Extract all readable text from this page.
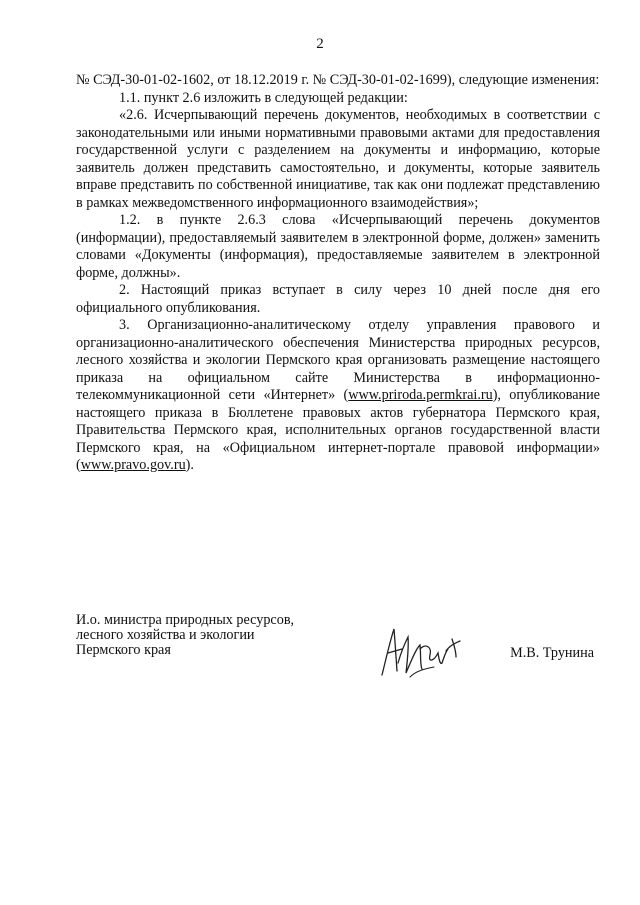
2

№ СЭД-30-01-02-1602, от 18.12.2019 г. № СЭД-30-01-02-1699), следующие изменения:

1.1. пункт 2.6 изложить в следующей редакции:

«2.6. Исчерпывающий перечень документов, необходимых в соответствии с законодательными или иными нормативными правовыми актами для предоставления государственной услуги с разделением на документы и информацию, которые заявитель должен представить самостоятельно, и документы, которые заявитель вправе представить по собственной инициативе, так как они подлежат представлению в рамках межведомственного информационного взаимодействия»;

1.2. в пункте 2.6.3 слова «Исчерпывающий перечень документов (информации), предоставляемый заявителем в электронной форме, должен» заменить словами «Документы (информация), предоставляемые заявителем в электронной форме, должны».

2. Настоящий приказ вступает в силу через 10 дней после дня его официального опубликования.

3. Организационно-аналитическому отделу управления правового и организационно-аналитического обеспечения Министерства природных ресурсов, лесного хозяйства и экологии Пермского края организовать размещение настоящего приказа на официальном сайте Министерства в информационно-телекоммуникационной сети «Интернет» (www.priroda.permkrai.ru), опубликование настоящего приказа в Бюллетене правовых актов губернатора Пермского края, Правительства Пермского края, исполнительных органов государственной власти Пермского края, на «Официальном интернет-портале правовой информации» (www.pravo.gov.ru).

И.о. министра природных ресурсов,
лесного хозяйства и экологии
Пермского края	М.В. Трунина
